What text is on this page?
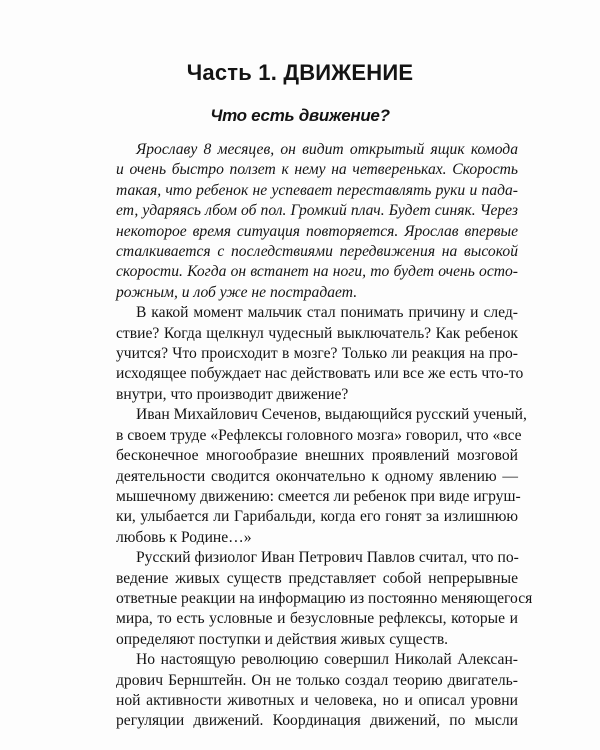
Часть 1. ДВИЖЕНИЕ
Что есть движение?
Ярославу 8 месяцев, он видит открытый ящик комода
и очень быстро ползет к нему на четвереньках. Скорость
такая, что ребенок не успевает переставлять руки и пада-
ет, ударяясь лбом об пол. Громкий плач. Будет синяк. Через
некоторое время ситуация повторяется. Ярослав впервые
сталкивается с последствиями передвижения на высокой
скорости. Когда он встанет на ноги, то будет очень осто-
рожным, и лоб уже не пострадает.
В какой момент мальчик стал понимать причину и след-
ствие? Когда щелкнул чудесный выключатель? Как ребенок
учится? Что происходит в мозге? Только ли реакция на про-
исходящее побуждает нас действовать или все же есть что-то
внутри, что производит движение?
Иван Михайлович Сеченов, выдающийся русский ученый,
в своем труде «Рефлексы головного мозга» говорил, что «все
бесконечное многообразие внешних проявлений мозговой
деятельности сводится окончательно к одному явлению —
мышечному движению: смеется ли ребенок при виде игруш-
ки, улыбается ли Гарибальди, когда его гонят за излишнюю
любовь к Родине…»
Русский физиолог Иван Петрович Павлов считал, что по-
ведение живых существ представляет собой непрерывные
ответные реакции на информацию из постоянно меняющегося
мира, то есть условные и безусловные рефлексы, которые и
определяют поступки и действия живых существ.
Но настоящую революцию совершил Николай Алексан-
дрович Бернштейн. Он не только создал теорию двигатель-
ной активности животных и человека, но и описал уровни
регуляции движений. Координация движений, по мысли
